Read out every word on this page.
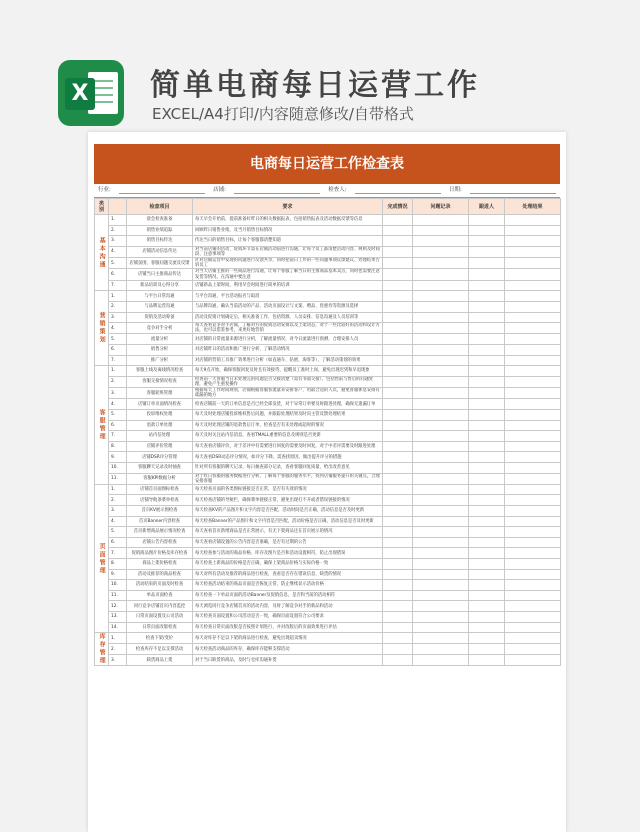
X 简单电商每日运营工作
EXCEL/A4打印/内容随意修改/自带格式
电商每日运营工作检查表
行业:	店铺:	检查人:	日期:
类别		检查项目	要求	完成情况	问题记录	跟进人	处理结果
基本沟通	1.	晨会检查准备	每天早会开始前，提前准备好昨日的相关数据报表，包括销售报表及活动数据反馈等信息				
	2.	销售业绩追踪	回顾昨日销售业绩，及当月销售目标情况				
	3.	销售目标传达	传达当日的销售目标，让每个客服都清楚知道				
	4.	店铺活动信息传达	对当前店铺的活动、促销环节需在店铺活动前进行沟通，让每个员工都清楚活动内容、规则及时间段、注意事项等				
	5.	店铺氛围、客服问题交流及反馈	针对店铺运营中发现的问题进行反馈共享，同时把前日工作的一些问题事项反馈建议、处理结果告诉员工				
	6.	店铺当日主推商品传达	对当天店铺主推的一些商品进行沟通，让每个客服了解当日的主推商品基本卖点，同时也需要注意发货等情况，在沟通中要注意				
	7.	新品培训及心得分享	店铺新品上架时间，利用早会时间进行简单的培训				
营销策划	1.	与平台日常沟通	与平台沟通，平台活动报名与取消				
	2.	与品牌运营沟通	与品牌沟通，确认当前活动的产品、活动页面设计与文案、赠品、优惠券等资源及选择				
	3.	促销及活动筹备	活动及促销计划确定后，相关准备工作，包括资源、人员安排、信息沟通及人员培训等				
	4.	竞争对手分析	每天查看竞争对手店铺，了解对方的促销活动安排以及上架动态，对于一些比较好的活动和设计方法，也可以借鉴参考，来更好地营销				
	5.	流量分析	对店铺的日常流量来源进行分析，了解流量情况，对今日流量进行预测，合理安排人员				
	6.	销售分析	对店铺昨日的活动和推广进行分析，了解活动情况				
	7.	推广分析	对店铺的营销工具推广效果进行分析（如直通车、钻展、淘客等），了解活动策划的效果				
客服管理	1.	客服上线及离线情况检查	每天9点开始，确保客服回复及时且有效接待，提醒员工准时上岗，避免出现迟到和早退现象				
	2.	客服交接情况检查	检查前一天客服当日未处理完的问题是否交接清楚（需有书面交接），包括售前与售后的问题处理，避免产生重复操作				
	3.	客服轮班管理	根据每天工作时间规划，店铺根据客服客流量来安排客户，用最合适的人员，避免客服休息安排有疏漏的地方				
	4.	店铺订单页面情况检查	检查店铺前一天的订单信息是否已经全部发货，对于异常订单要及时跟进处理，确保无遗漏订单				
	5.	投诉维权处理	每天及时处理店铺投诉维权售后问题，并跟踪处理结果及时向主管反馈处理结果				
	6.	退款订单处理	每天及时处理店铺的退款售后订单，检查是否有未处理或超时的情况				
	7.	站内信处理	每天及时关注站内信消息，查看TMALL重要的信息及规则是否更新				
	8.	店铺评价管理	每天查看店铺评价，对于差评中有需要进行回复的需要及时回复，对于中差评需要及时跟进处理				
	9.	店铺DSR评分管理	每天查看DSR动态评分情况，如评分下降，需查找原因，做出提升评分的措施				
	10.	客服聊天记录及时抽查	针对所有客服的聊天记录，每日抽查部分记录，查看客服回复质量，给出改善意见				
	11.	客服KPI数据分析	对于昨日客服的服务数据进行分析，了解每个客服的服务水平，找到店铺服务提升的关键点，合理安排客服				
页面管理	1.	店铺首页面图标检查	每天检查页面的各类图标链接是否正常，是否有失效的情况				
	2.	店铺导航条菜单检查	每天检查店铺的导航栏，确保菜单链接正常，避免出现打不开或者错误链接的情况				
	3.	首页KV展示图检查	每天检查KV的产品图片和文字内容是否匹配，活动时间是否正确，活动信息是否及时更新				
	4.	首页Banner内容检查	每天检查Banner的产品图片和文字内容是否匹配，活动价格是否正确，活动信息是否及时更新				
	5.	首页新增商品展示情况检查	每天查看首页新增商品是否正常展示，有无下架商品还在首页展示的情况				
	6.	店铺公告内容检查	每天查看店铺设置的公告内容是否准确，是否有过期的公告				
	7.	促销商品图片价格及库存检查	每天检查参与活动的商品价格、库存及图片是否和活动设置相符，防止出现错误				
	8.	商品上架价格检查	每天检查上新商品的价格是否正确，确保上架商品价格与实际价格一致				
	9.	活动及推荐的商品检查	每天对所有活动及推荐的商品进行检查，查看是否存在错误信息、缺货的情况				
	10.	活动结束的页面及时检查	每天检查活动结束的商品页面是否恢复正常，防止继续显示活动价格				
	11.	单品页面检查	每天检查一下单品页面的活动Banner及促销信息，是否和当前的活动相符				
	12.	同行竞争店铺首页内容监控	每天浏览同行竞争店铺首页的活动内容，及时了解竞争对手的新品和活动				
	13.	日常页面设置及公司活动	每天检查页面设置和公司活动是否一致，确保页面设置符合公司要求				
	14.	日常页面改版检查	每天检查日常页面改版是否按照计划进行，并对改版后的页面效果进行评估				
库存管理	1.	检查下架/变价	每天对库存不足以下架的商品进行检查，避免出现超卖情况				
	2.	检查库存不足以支撑活动	每天检查活动商品的库存，确保库存能够支撑活动				
	3.	缺货商品上架	对于当日缺货的商品，及时与仓库沟通补货				
